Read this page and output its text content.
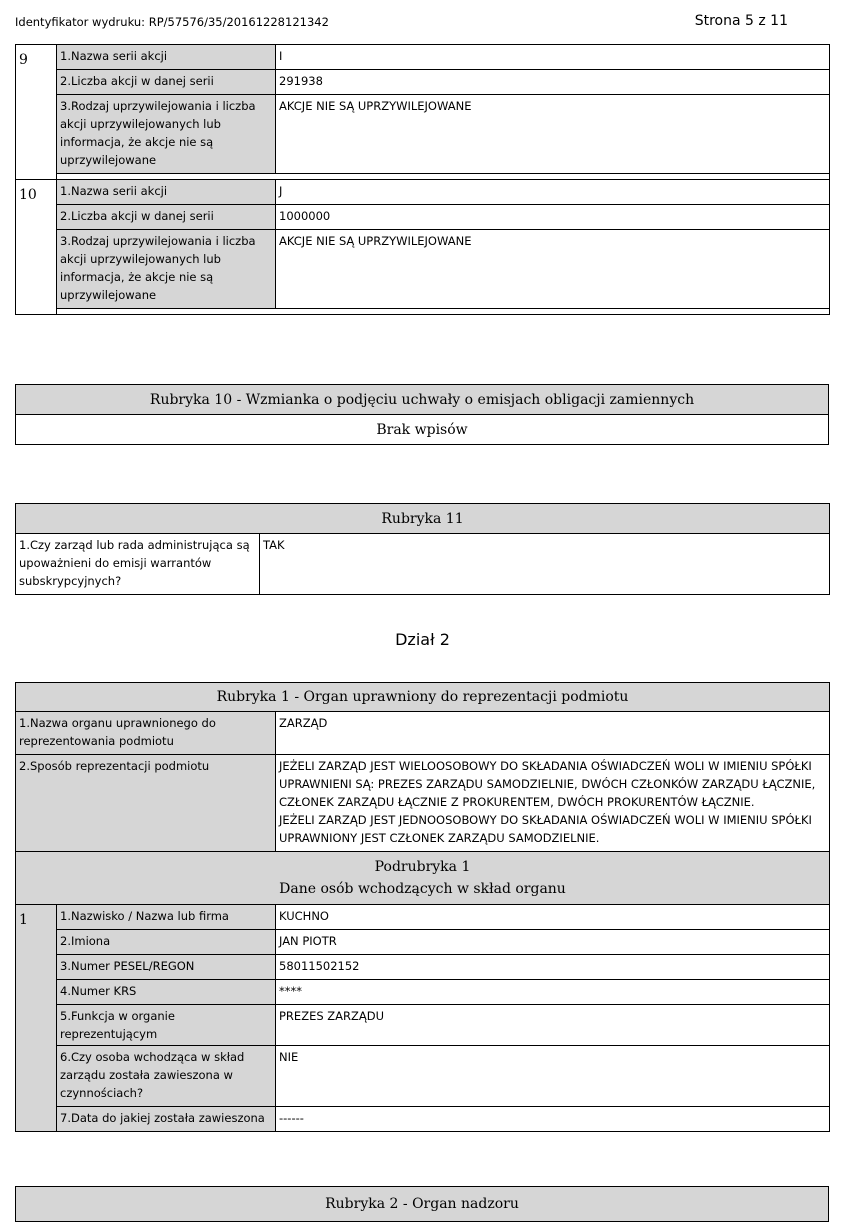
Identyfikator wydruku: RP/57576/35/20161228121342	Strona 5 z 11
9	1.Nazwa serii akcji	I
	2.Liczba akcji w danej serii	291938
	3.Rodzaj uprzywilejowania i liczba akcji uprzywilejowanych lub informacja, że akcje nie są uprzywilejowane	AKCJE NIE SĄ UPRZYWILEJOWANE

10	1.Nazwa serii akcji	J
	2.Liczba akcji w danej serii	1000000
	3.Rodzaj uprzywilejowania i liczba akcji uprzywilejowanych lub informacja, że akcje nie są uprzywilejowane	AKCJE NIE SĄ UPRZYWILEJOWANE

Rubryka 10 - Wzmianka o podjęciu uchwały o emisjach obligacji zamiennych
Brak wpisów
Rubryka 11
1.Czy zarząd lub rada administrująca są upoważnieni do emisji warrantów subskrypcyjnych?	TAK
Dział 2
Rubryka 1 - Organ uprawniony do reprezentacji podmiotu		
1.Nazwa organu uprawnionego do reprezentowania podmiotu		ZARZĄD
2.Sposób reprezentacji podmiotu		JEŻELI ZARZĄD JEST WIELOOSOBOWY DO SKŁADANIA OŚWIADCZEŃ WOLI W IMIENIU SPÓŁKI UPRAWNIENI SĄ: PREZES ZARZĄDU SAMODZIELNIE, DWÓCH CZŁONKÓW ZARZĄDU ŁĄCZNIE, CZŁONEK ZARZĄDU ŁĄCZNIE Z PROKURENTEM, DWÓCH PROKURENTÓW ŁĄCZNIE.
JEŻELI ZARZĄD JEST JEDNOOSOBOWY DO SKŁADANIA OŚWIADCZEŃ WOLI W IMIENIU SPÓŁKI UPRAWNIONY JEST CZŁONEK ZARZĄDU SAMODZIELNIE.

Podrubryka 1
Dane osób wchodzących w skład organu		

1	1.Nazwisko / Nazwa lub firma	KUCHNO
	2.Imiona	JAN PIOTR
	3.Numer PESEL/REGON	58011502152
	4.Numer KRS	****
	5.Funkcja w organie reprezentującym	PREZES ZARZĄDU
	6.Czy osoba wchodząca w skład zarządu została zawieszona w czynnościach?	NIE
	7.Data do jakiej została zawieszona	------
Rubryka 2 - Organ nadzoru
